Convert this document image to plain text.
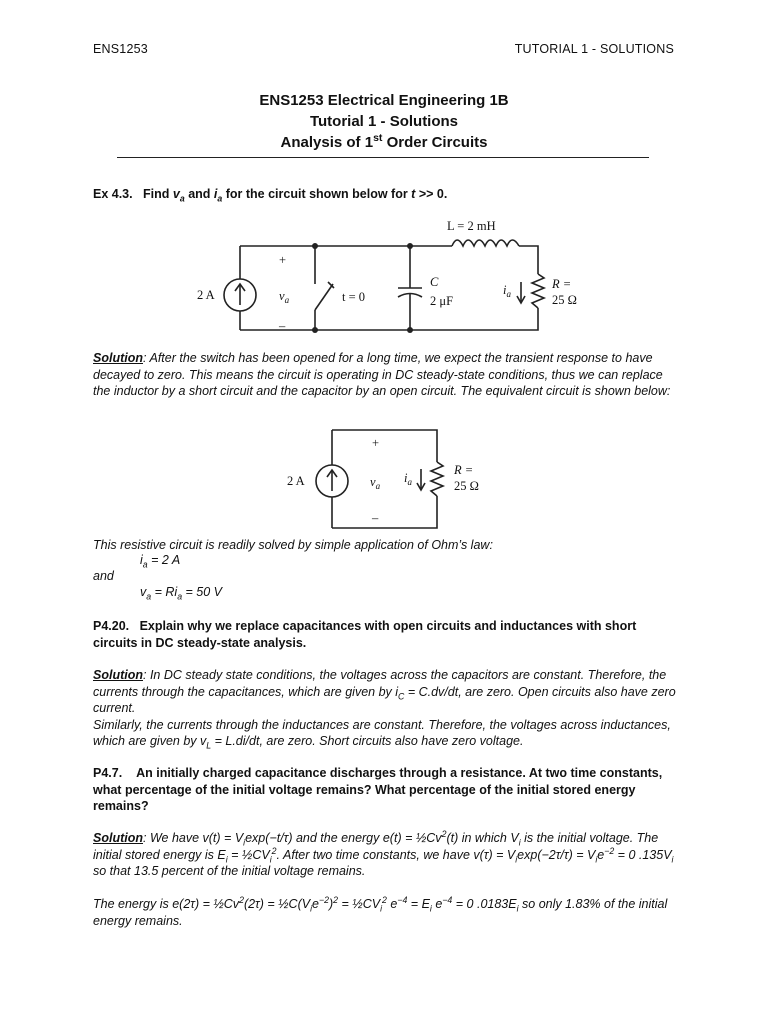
ENS1253	TUTORIAL 1 - SOLUTIONS
ENS1253 Electrical Engineering 1B
Tutorial 1 - Solutions
Analysis of 1st Order Circuits
Ex 4.3. Find $v_a$ and $i_a$ for the circuit shown below for t >> 0.
L = 2 mH
2 A
+
–
$v_a$	t = 0
C
2 μF
$i_a$
R =
25 Ω
Solution: After the switch has been opened for a long time, we expect the transient response to have decayed to zero. This means the circuit is operating in DC steady-state conditions, thus we can replace the inductor by a short circuit and the capacitor by an open circuit. The equivalent circuit is shown below:
2 A
+
–
$v_a$
$i_a$
R =
25 Ω
This resistive circuit is readily solved by simple application of Ohm’s law:
$i_a = 2$ A
and
$v_a = Ri_a = 50$ V
P4.20. Explain why we replace capacitances with open circuits and inductances with short circuits in DC steady-state analysis.
Solution: In DC steady state conditions, the voltages across the capacitors are constant. Therefore, the currents through the capacitances, which are given by $i_C = C.dv/dt$, are zero. Open circuits also have zero current.
Similarly, the currents through the inductances are constant. Therefore, the voltages across inductances, which are given by $v_L = L.di/dt$, are zero. Short circuits also have zero voltage.
P4.7. An initially charged capacitance discharges through a resistance. At two time constants, what percentage of the initial voltage remains? What percentage of the initial stored energy remains?
Solution: We have $v(t) = V_i\exp(-t/\tau)$ and the energy $e(t) = \frac{1}{2}Cv^2(t)$ in which $V_i$ is the initial voltage. The initial stored energy is $E_i$ = $\frac{1}{2}CV_i^2$. After two time constants, we have $v(\tau) = V_i\exp(-2\tau/\tau) = V_ie^{-2} = 0$ $.135V_i$ so that 13.5 percent of the initial voltage remains.
The energy is $e(2\tau) = \frac{1}{2}Cv^2(2\tau)$ = $\frac{1}{2}C(V_ie^{-2})^2$ = $\frac{1}{2}CV_i^2$ $e^{-4} = E_i$ $e^{-4} = 0$ $.0183E_i$ so only 1.83% of the initial energy remains.
